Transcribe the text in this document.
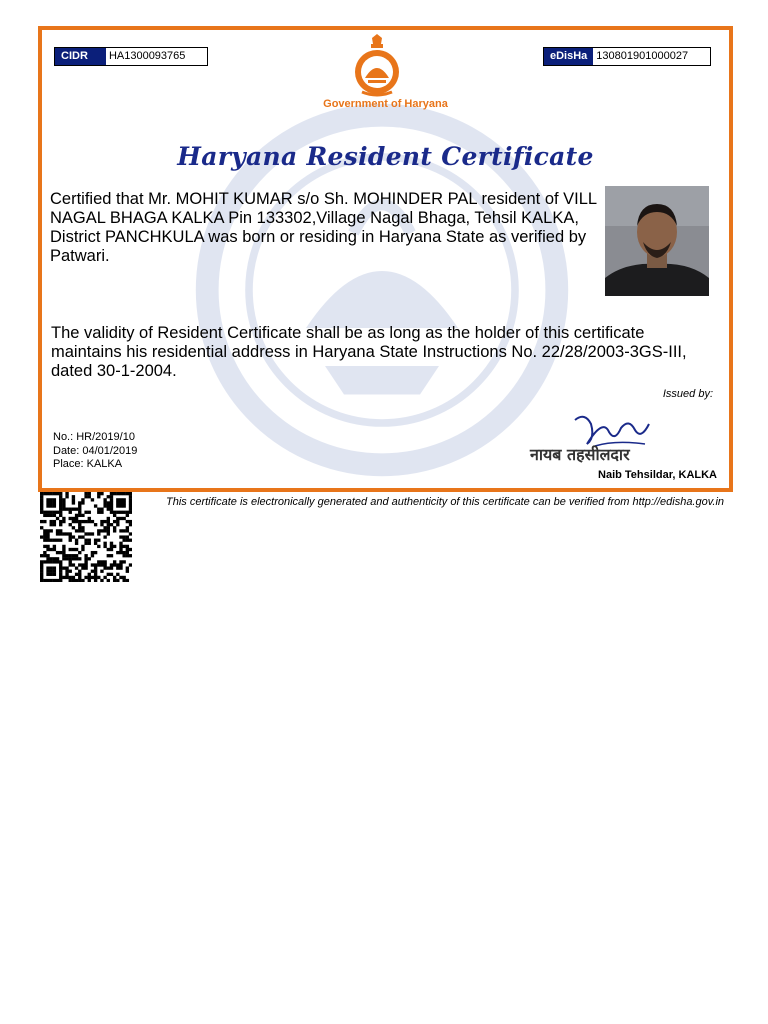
CIDR Id
HA1300093765	eDisHa 130801901000027
Government of Haryana
Haryana Resident Certificate
Certified that Mr. MOHIT KUMAR s/o Sh. MOHINDER PAL resident of VILL NAGAL BHAGA KALKA Pin 133302,Village Nagal Bhaga, Tehsil KALKA, District PANCHKULA was born or residing in Haryana State as verified by Patwari.
The validity of Resident Certificate shall be as long as the holder of this certificate maintains his residential address in Haryana State Instructions No. 22/28/2003-3GS-III, dated 30-1-2004.
Issued by:
No.: HR/2019/10
Date: 04/01/2019
Place: KALKA	नायब तहसीलदार
Naib Tehsildar, KALKA
This certificate is electronically generated and authenticity of this certificate can be verified from http://edisha.gov.in
